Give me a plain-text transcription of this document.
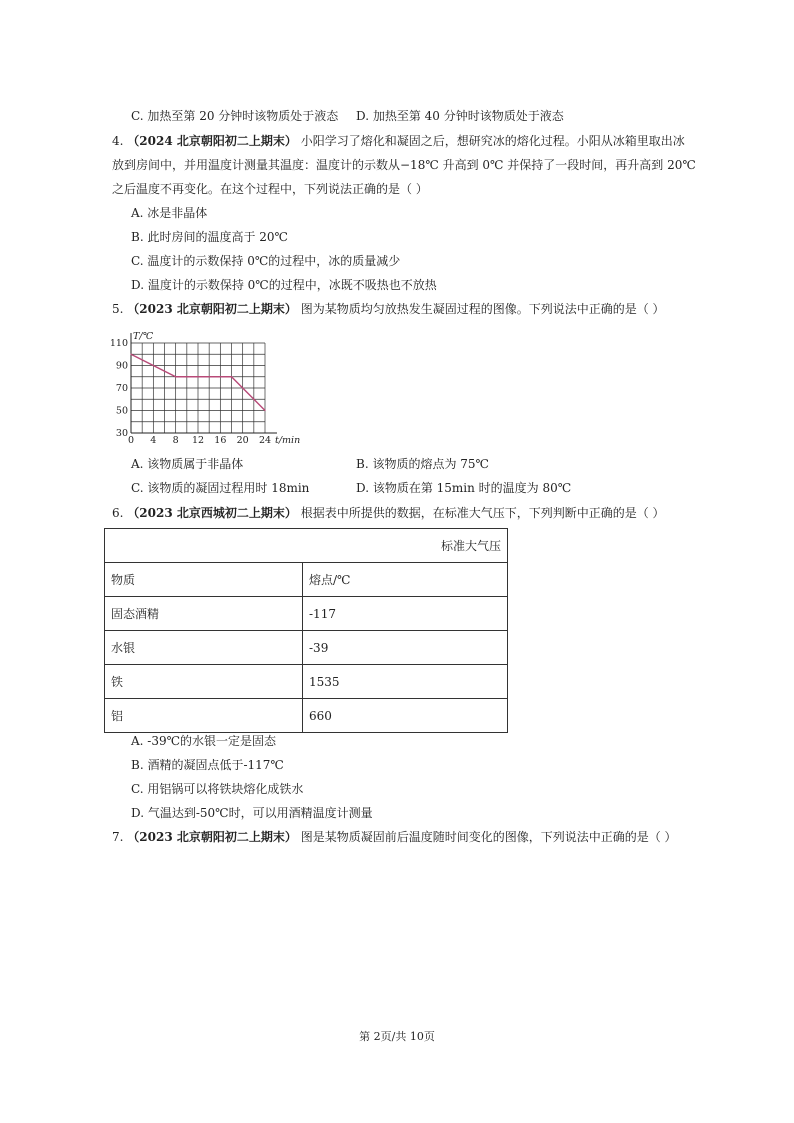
C. 加热至第 20 分钟时该物质处于液态 D. 加热至第 40 分钟时该物质处于液态
4. （2024 北京朝阳初二上期末） 小阳学习了熔化和凝固之后，想研究冰的熔化过程。小阳从冰箱里取出冰
放到房间中，并用温度计测量其温度：温度计的示数从−18℃ 升高到 0℃ 并保持了一段时间，再升高到 20℃
之后温度不再变化。在这个过程中，下列说法正确的是（ ）
A. 冰是非晶体
B. 此时房间的温度高于 20℃
C. 温度计的示数保持 0℃的过程中，冰的质量减少
D. 温度计的示数保持 0℃的过程中，冰既不吸热也不放热
5. （2023 北京朝阳初二上期末） 图为某物质均匀放热发生凝固过程的图像。下列说法中正确的是（ ）
0 4 8 12 16 20 24
30
50
70
90
110
T/℃
t/min
A. 该物质属于非晶体	B. 该物质的熔点为 75℃
C. 该物质的凝固过程用时 18min	D. 该物质在第 15min 时的温度为 80℃
6. （2023 北京西城初二上期末） 根据表中所提供的数据，在标准大气压下，下列判断中正确的是（ ）
标准大气压	
物质	熔点/℃
固态酒精	-117
水银	-39
铁	1535
铝	660
A. -39℃的水银一定是固态
B. 酒精的凝固点低于-117℃
C. 用铝锅可以将铁块熔化成铁水
D. 气温达到-50℃时，可以用酒精温度计测量
7. （2023 北京朝阳初二上期末） 图是某物质凝固前后温度随时间变化的图像，下列说法中正确的是（ ）
第 2页/共 10页
